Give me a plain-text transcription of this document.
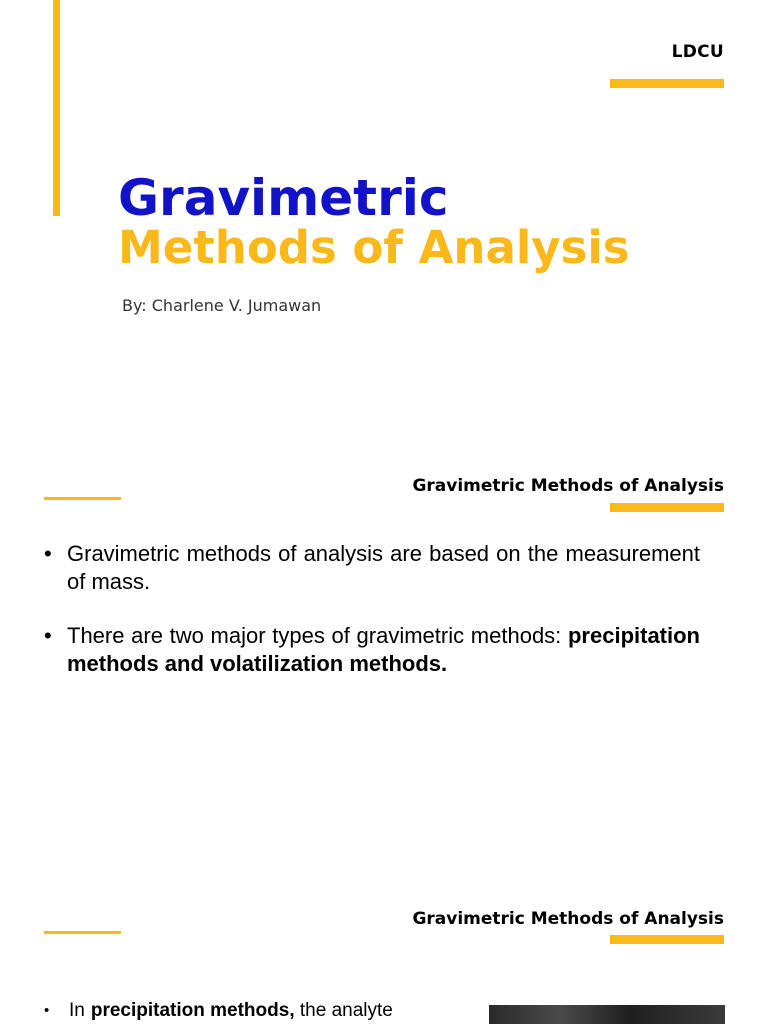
LDCU
Gravimetric
Methods of Analysis
By: Charlene V. Jumawan
Gravimetric Methods of Analysis
• Gravimetric methods of analysis are based on the measurement of mass.
• There are two major types of gravimetric methods: precipitation methods and volatilization methods.
Gravimetric Methods of Analysis
• In precipitation methods, the analyte
